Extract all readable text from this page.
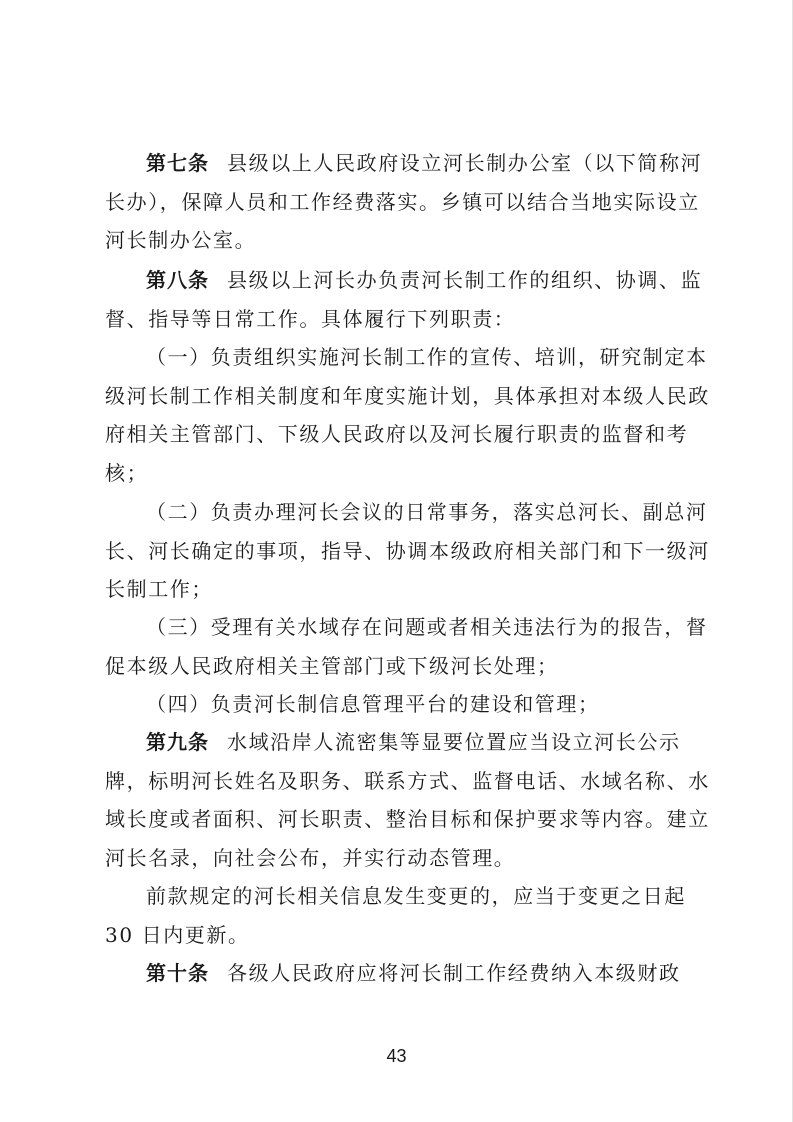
第七条 县级以上人民政府设立河长制办公室（以下简称河
长办），保障人员和工作经费落实。乡镇可以结合当地实际设立
河长制办公室。
第八条 县级以上河长办负责河长制工作的组织、协调、监
督、指导等日常工作。具体履行下列职责：
（一）负责组织实施河长制工作的宣传、培训，研究制定本
级河长制工作相关制度和年度实施计划，具体承担对本级人民政
府相关主管部门、下级人民政府以及河长履行职责的监督和考
核；
（二）负责办理河长会议的日常事务，落实总河长、副总河
长、河长确定的事项，指导、协调本级政府相关部门和下一级河
长制工作；
（三）受理有关水域存在问题或者相关违法行为的报告，督
促本级人民政府相关主管部门或下级河长处理；
（四）负责河长制信息管理平台的建设和管理；
第九条 水域沿岸人流密集等显要位置应当设立河长公示
牌，标明河长姓名及职务、联系方式、监督电话、水域名称、水
域长度或者面积、河长职责、整治目标和保护要求等内容。建立
河长名录，向社会公布，并实行动态管理。
前款规定的河长相关信息发生变更的，应当于变更之日起
30 日内更新。
第十条 各级人民政府应将河长制工作经费纳入本级财政
43
